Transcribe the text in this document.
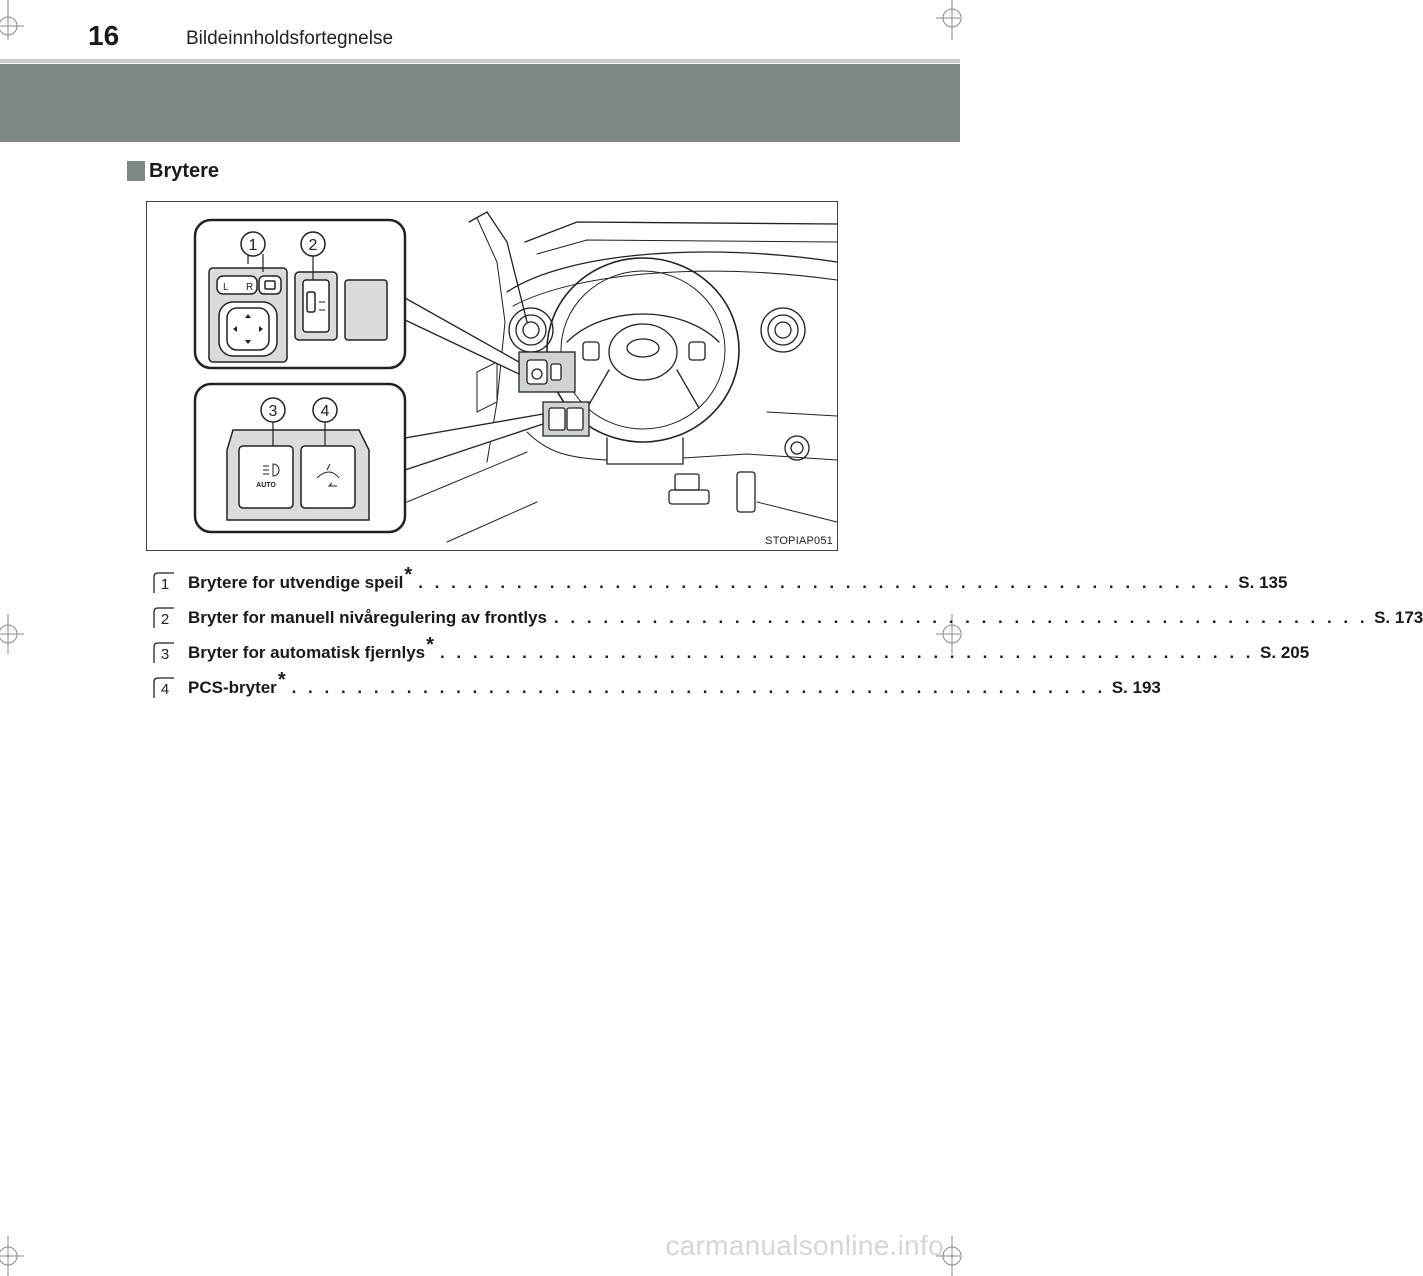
16	Bildeinnholdsfortegnelse
Brytere
L R
1	2
AUTO
3	4
STOPIAP051
1 Brytere for utvendige speil * . . . . . . . . . . . . . . . . . . . . . . . . . . . . . . . . . . . . . . . . . . . . . . . . . . S. 135
2 Bryter for manuell nivåregulering av frontlys . . . . . . . . . . . . . . . . . . . . . . . . . . . . . . . . . . . . . . . . . . . . . . . . . . S. 173
3 Bryter for automatisk fjernlys * . . . . . . . . . . . . . . . . . . . . . . . . . . . . . . . . . . . . . . . . . . . . . . . . . . S. 205
4 PCS-bryter * . . . . . . . . . . . . . . . . . . . . . . . . . . . . . . . . . . . . . . . . . . . . . . . . . . S. 193
carmanualsonline.info
